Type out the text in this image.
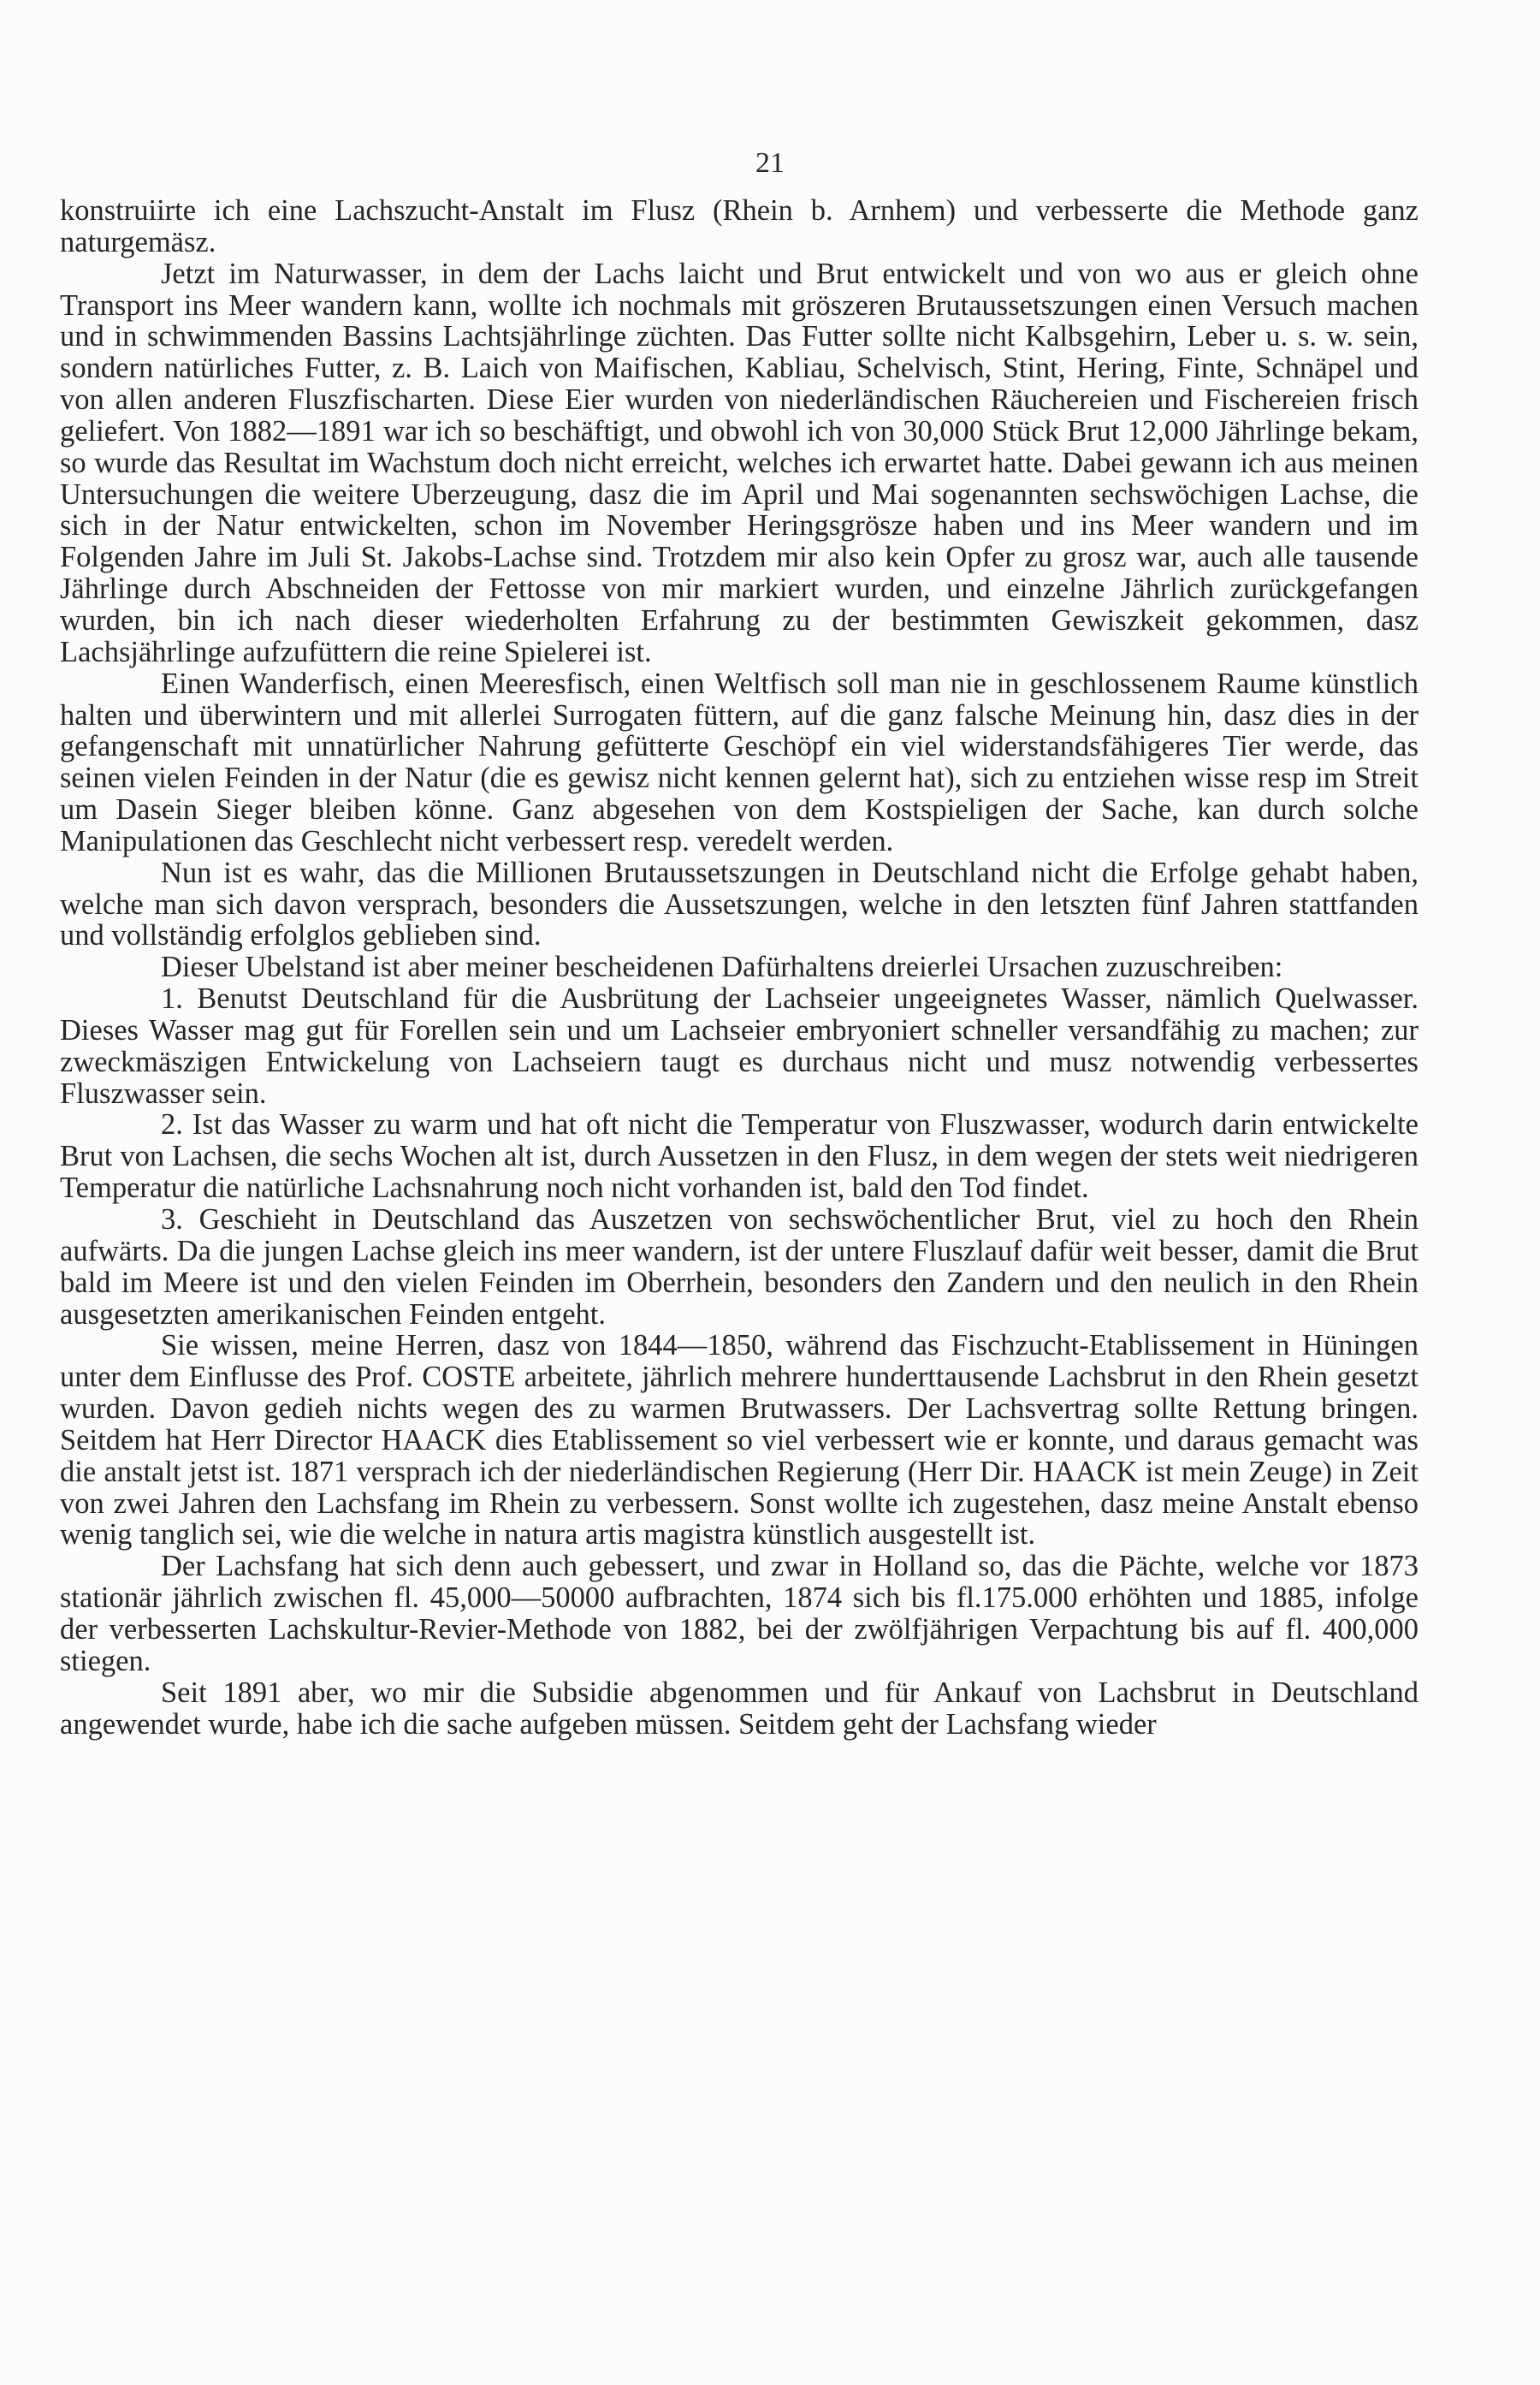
21

konstruiirte ich eine Lachszucht-Anstalt im Flusz (Rhein b. Arnhem) und verbesserte die Methode ganz naturgemäsz.

Jetzt im Naturwasser, in dem der Lachs laicht und Brut entwickelt und von wo aus er gleich ohne Transport ins Meer wandern kann, wollte ich nochmals mit gröszeren Brutaussetszungen einen Versuch machen und in schwimmenden Bassins Lachtsjährlinge züchten. Das Futter sollte nicht Kalbsgehirn, Leber u. s. w. sein, sondern natürliches Futter, z. B. Laich von Maifischen, Kabliau, Schelvisch, Stint, Hering, Finte, Schnäpel und von allen anderen Fluszfischarten. Diese Eier wurden von niederländischen Räuchereien und Fischereien frisch geliefert. Von 1882—1891 war ich so beschäftigt, und obwohl ich von 30,000 Stück Brut 12,000 Jährlinge bekam, so wurde das Resultat im Wachstum doch nicht erreicht, welches ich erwartet hatte. Dabei gewann ich aus meinen Untersuchungen die weitere Uberzeugung, dasz die im April und Mai sogenannten sechswöchigen Lachse, die sich in der Natur entwickelten, schon im November Heringsgrösze haben und ins Meer wandern und im Folgenden Jahre im Juli St. Jakobs-Lachse sind. Trotzdem mir also kein Opfer zu grosz war, auch alle tausende Jährlinge durch Abschneiden der Fettosse von mir markiert wurden, und einzelne Jährlich zurückgefangen wurden, bin ich nach dieser wiederholten Erfahrung zu der bestimmten Gewiszkeit gekommen, dasz Lachsjährlinge aufzufüttern die reine Spielerei ist.

Einen Wanderfisch, einen Meeresfisch, einen Weltfisch soll man nie in geschlossenem Raume künstlich halten und überwintern und mit allerlei Surrogaten füttern, auf die ganz falsche Meinung hin, dasz dies in der gefangenschaft mit unnatürlicher Nahrung gefütterte Geschöpf ein viel widerstandsfähigeres Tier werde, das seinen vielen Feinden in der Natur (die es gewisz nicht kennen gelernt hat), sich zu entziehen wisse resp im Streit um Dasein Sieger bleiben könne. Ganz abgesehen von dem Kostspieligen der Sache, kan durch solche Manipulationen das Geschlecht nicht verbessert resp. veredelt werden.

Nun ist es wahr, das die Millionen Brutaussetszungen in Deutschland nicht die Erfolge gehabt haben, welche man sich davon versprach, besonders die Aussetszungen, welche in den letszten fünf Jahren stattfanden und vollständig erfolglos geblieben sind.

Dieser Ubelstand ist aber meiner bescheidenen Dafürhaltens dreierlei Ursachen zuzuschreiben:

1. Benutst Deutschland für die Ausbrütung der Lachseier ungeeignetes Wasser, nämlich Quelwasser. Dieses Wasser mag gut für Forellen sein und um Lachseier embryoniert schneller versandfähig zu machen; zur zweckmäszigen Entwickelung von Lachseiern taugt es durchaus nicht und musz notwendig verbessertes Fluszwasser sein.

2. Ist das Wasser zu warm und hat oft nicht die Temperatur von Fluszwasser, wodurch darin entwickelte Brut von Lachsen, die sechs Wochen alt ist, durch Aussetzen in den Flusz, in dem wegen der stets weit niedrigeren Temperatur die natürliche Lachsnahrung noch nicht vorhanden ist, bald den Tod findet.

3. Geschieht in Deutschland das Auszetzen von sechswöchentlicher Brut, viel zu hoch den Rhein aufwärts. Da die jungen Lachse gleich ins meer wandern, ist der untere Fluszlauf dafür weit besser, damit die Brut bald im Meere ist und den vielen Feinden im Oberrhein, besonders den Zandern und den neulich in den Rhein ausgesetzten amerikanischen Feinden entgeht.

Sie wissen, meine Herren, dasz von 1844—1850, während das Fischzucht-Etablissement in Hüningen unter dem Einflusse des Prof. COSTE arbeitete, jährlich mehrere hunderttausende Lachsbrut in den Rhein gesetzt wurden. Davon gedieh nichts wegen des zu warmen Brutwassers. Der Lachsvertrag sollte Rettung bringen. Seitdem hat Herr Director HAACK dies Etablissement so viel verbessert wie er konnte, und daraus gemacht was die anstalt jetst ist. 1871 versprach ich der niederländischen Regierung (Herr Dir. HAACK ist mein Zeuge) in Zeit von zwei Jahren den Lachsfang im Rhein zu verbessern. Sonst wollte ich zugestehen, dasz meine Anstalt ebenso wenig tanglich sei, wie die welche in natura artis magistra künstlich ausgestellt ist.

Der Lachsfang hat sich denn auch gebessert, und zwar in Holland so, das die Pächte, welche vor 1873 stationär jährlich zwischen fl. 45,000—50000 aufbrachten, 1874 sich bis fl.175.000 erhöhten und 1885, infolge der verbesserten Lachskultur-Revier-Methode von 1882, bei der zwölfjährigen Verpachtung bis auf fl. 400,000 stiegen.

Seit 1891 aber, wo mir die Subsidie abgenommen und für Ankauf von Lachsbrut in Deutschland angewendet wurde, habe ich die sache aufgeben müssen. Seitdem geht der Lachsfang wieder
